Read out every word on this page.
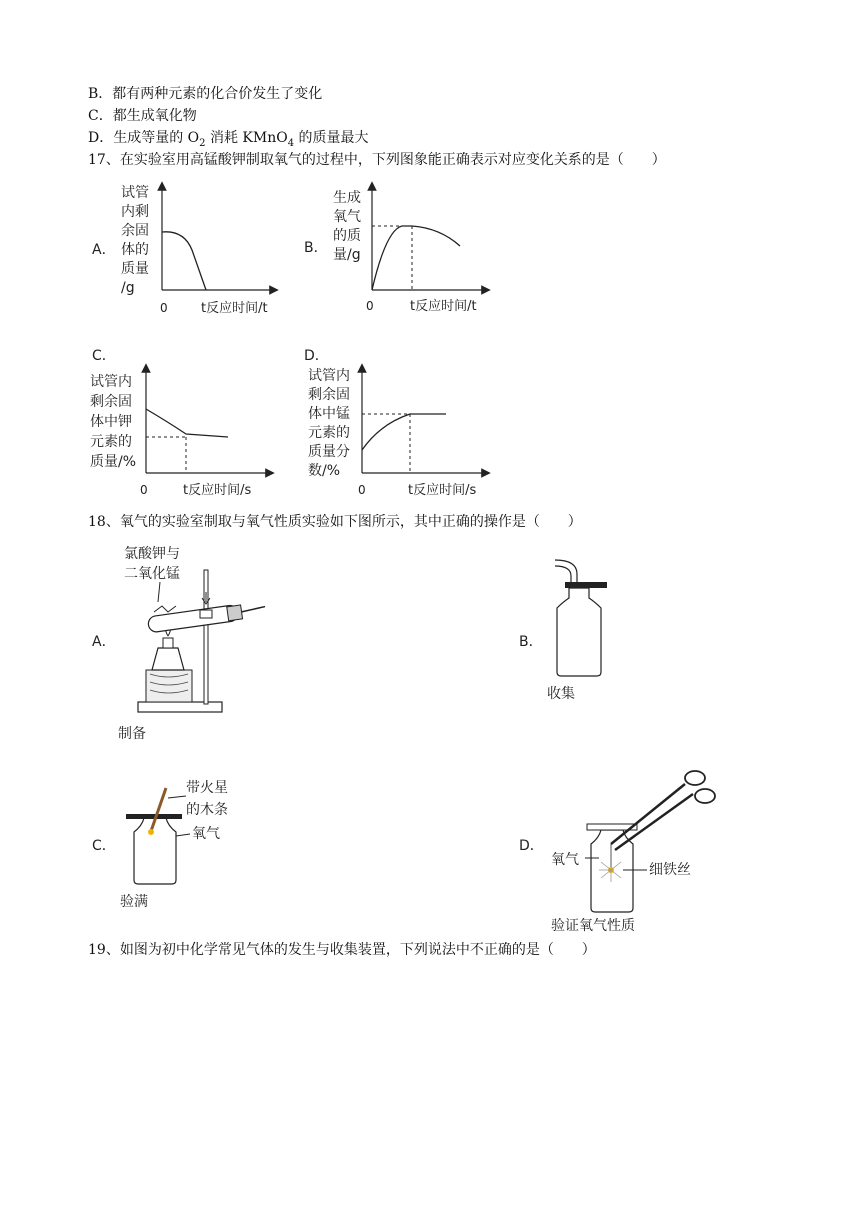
B．都有两种元素的化合价发生了变化
C．都生成氧化物
D．生成等量的 $O_2$ 消耗 KMnO$_4$ 的质量最大
17、在实验室用高锰酸钾制取氧气的过程中，下列图象能正确表示对应变化关系的是（　　）
A．
试管
内剩
余固
体的
质量
/g
0	t反应时间/t
B．
生成
氧气
的质
量/g
0	t反应时间/t
C．
试管内
剩余固
体中钾
元素的
质量/%
0	t反应时间/s
D．
试管内
剩余固
体中锰
元素的
质量分
数/%
0	t反应时间/s
18、氧气的实验室制取与氧气性质实验如下图所示，其中正确的操作是（　　）
A．
氯酸钾与
二氧化锰
制备
B．
收集
C．
带火星
的木条
氧气
验满
D．
氧气
细铁丝
验证氧气性质
19、如图为初中化学常见气体的发生与收集装置，下列说法中不正确的是（　　）
